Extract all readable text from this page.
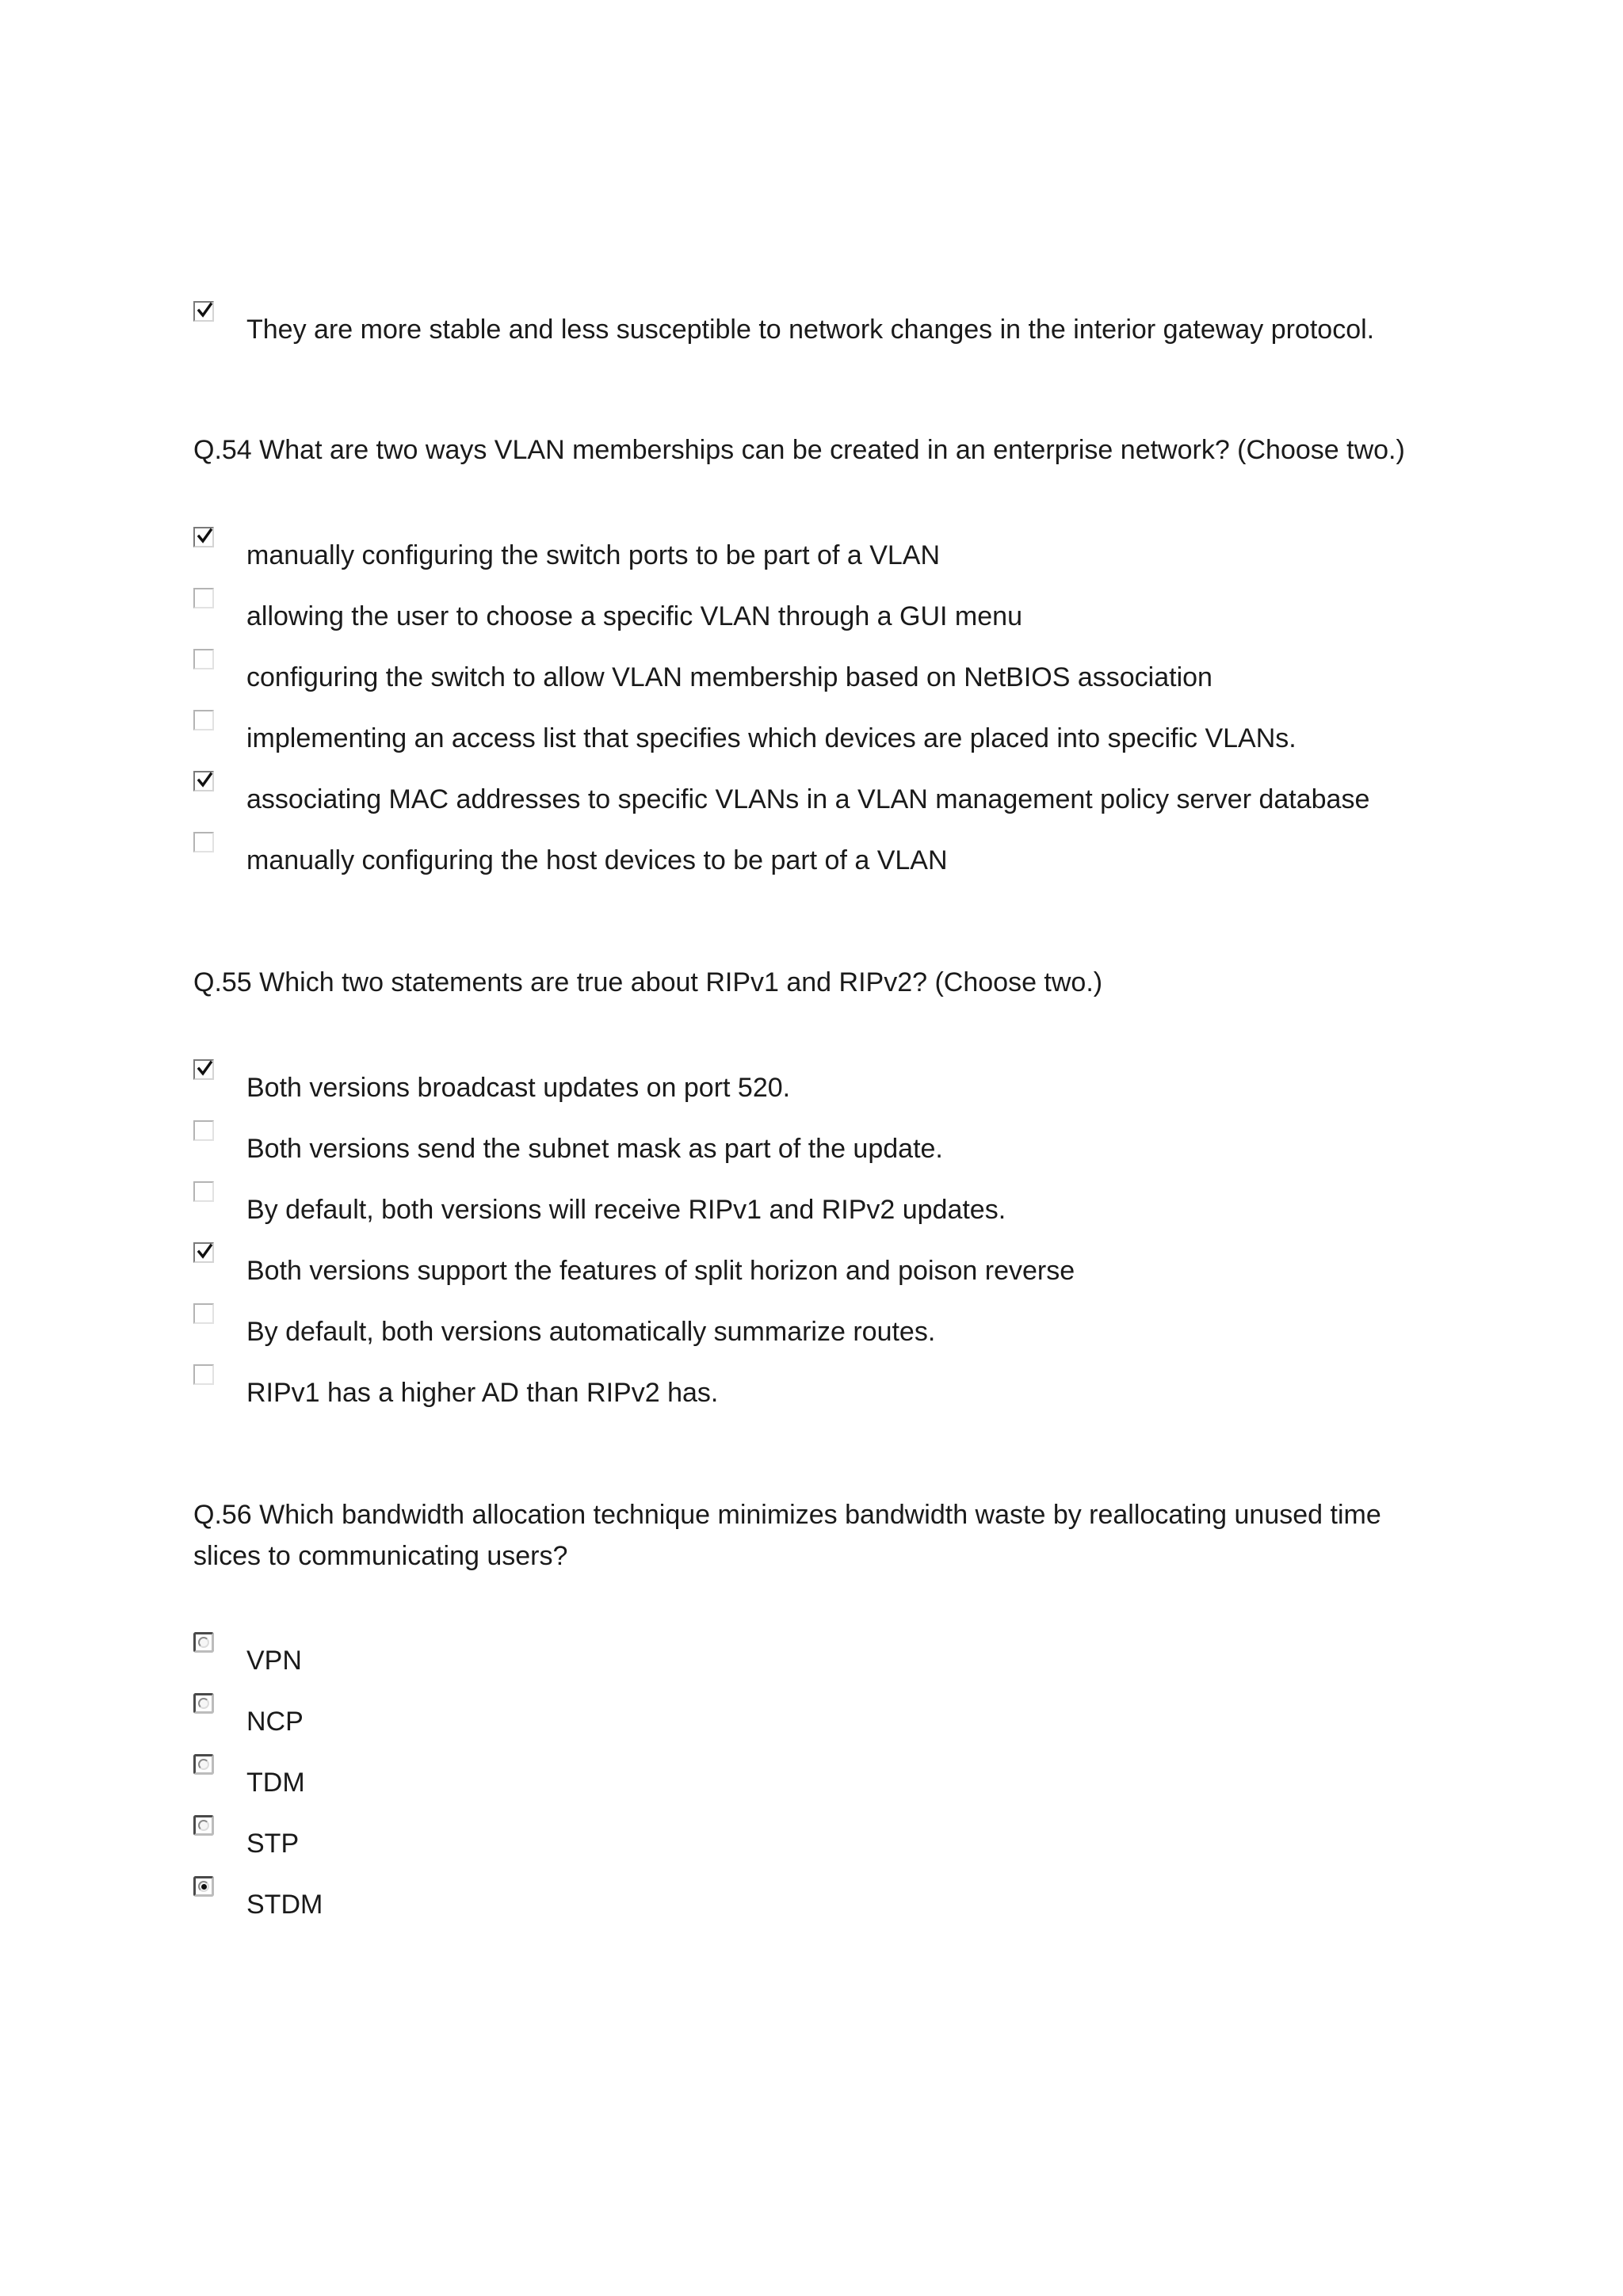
They are more stable and less susceptible to network changes in the interior gateway protocol.
Q.54 What are two ways VLAN memberships can be created in an enterprise network? (Choose two.)
manually configuring the switch ports to be part of a VLAN
allowing the user to choose a specific VLAN through a GUI menu
configuring the switch to allow VLAN membership based on NetBIOS association
implementing an access list that specifies which devices are placed into specific VLANs.
associating MAC addresses to specific VLANs in a VLAN management policy server database
manually configuring the host devices to be part of a VLAN
Q.55 Which two statements are true about RIPv1 and RIPv2? (Choose two.)
Both versions broadcast updates on port 520.
Both versions send the subnet mask as part of the update.
By default, both versions will receive RIPv1 and RIPv2 updates.
Both versions support the features of split horizon and poison reverse
By default, both versions automatically summarize routes.
RIPv1 has a higher AD than RIPv2 has.
Q.56 Which bandwidth allocation technique minimizes bandwidth waste by reallocating unused time slices to communicating users?
VPN
NCP
TDM
STP
STDM
